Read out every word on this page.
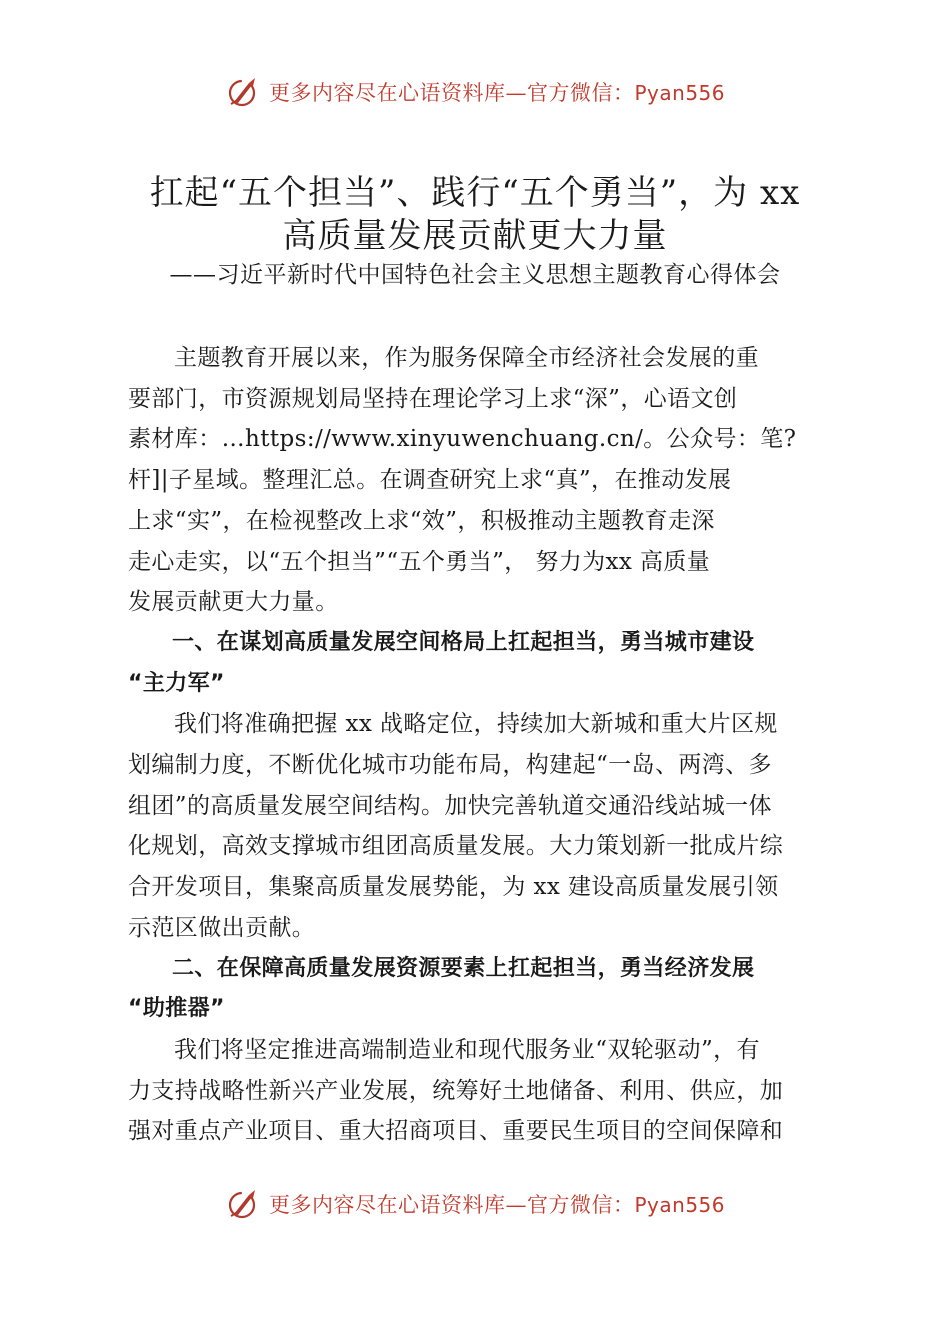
更多内容尽在心语资料库—官方微信：Pyan556
扛起“五个担当”、践行“五个勇当”，为 xx
高质量发展贡献更大力量
——习近平新时代中国特色社会主义思想主题教育心得体会

主题教育开展以来，作为服务保障全市经济社会发展的重
要部门，市资源规划局坚持在理论学习上求“深”，心语文创
素材库：…https://www.xinyuwenchuang.cn/。公众号：笔?
杆]|子星域。整理汇总。在调查研究上求“真”，在推动发展
上求“实”，在检视整改上求“效”，积极推动主题教育走深
走心走实，以“五个担当”“五个勇当”， 努力为xx 高质量
发展贡献更大力量。

一、在谋划高质量发展空间格局上扛起担当，勇当城市建设
“主力军”

我们将准确把握 xx 战略定位，持续加大新城和重大片区规
划编制力度，不断优化城市功能布局，构建起“一岛、两湾、多
组团”的高质量发展空间结构。加快完善轨道交通沿线站城一体
化规划，高效支撑城市组团高质量发展。大力策划新一批成片综
合开发项目，集聚高质量发展势能，为 xx 建设高质量发展引领
示范区做出贡献。

二、在保障高质量发展资源要素上扛起担当，勇当经济发展
“助推器”

我们将坚定推进高端制造业和现代服务业“双轮驱动”，有
力支持战略性新兴产业发展，统筹好土地储备、利用、供应，加
强对重点产业项目、重大招商项目、重要民生项目的空间保障和

更多内容尽在心语资料库—官方微信：Pyan556
